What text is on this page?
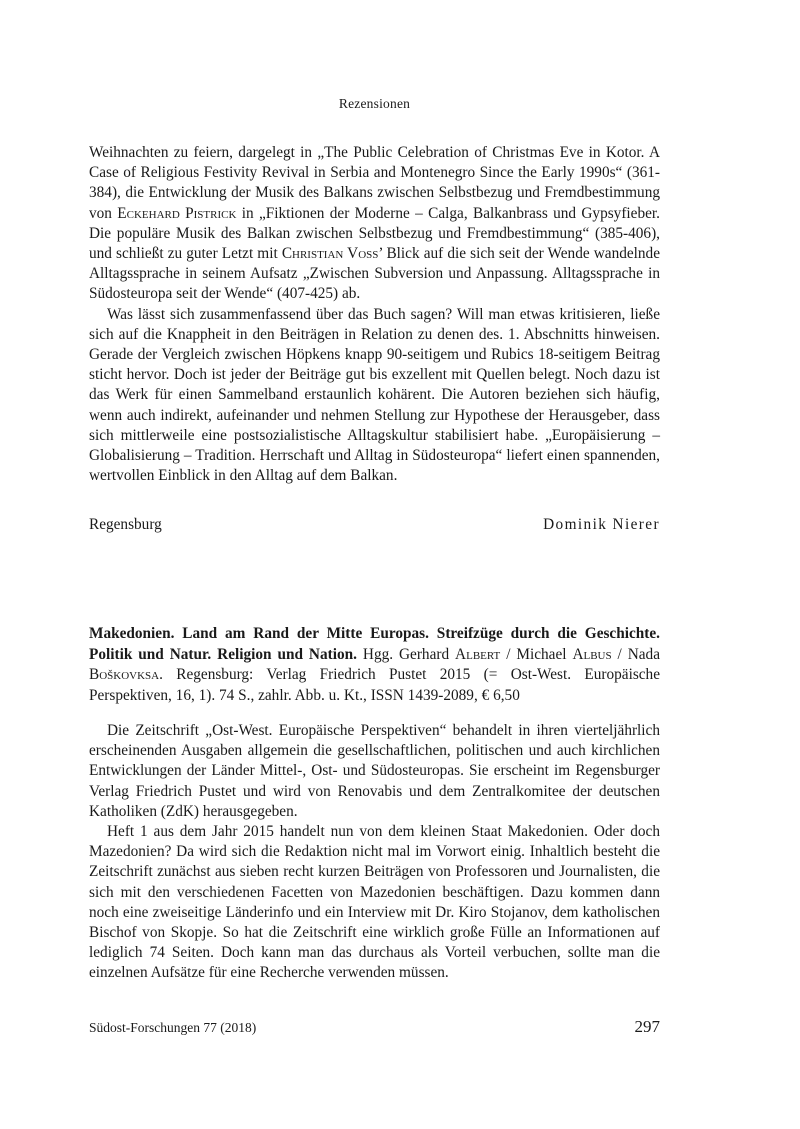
Rezensionen

Weihnachten zu feiern, dargelegt in „The Public Celebration of Christmas Eve in Kotor. A Case of Religious Festivity Revival in Serbia and Montenegro Since the Early 1990s“ (361-384), die Entwicklung der Musik des Balkans zwischen Selbstbezug und Fremdbestimmung von Eckehard Pistrick in „Fiktionen der Moderne – Calga, Balkanbrass und Gypsyfieber. Die populäre Musik des Balkan zwischen Selbstbezug und Fremdbestimmung“ (385-406), und schließt zu guter Letzt mit Christian Voss’ Blick auf die sich seit der Wende wandelnde Alltagssprache in seinem Aufsatz „Zwischen Subversion und Anpassung. Alltagssprache in Südosteuropa seit der Wende“ (407-425) ab.

Was lässt sich zusammenfassend über das Buch sagen? Will man etwas kritisieren, ließe sich auf die Knappheit in den Beiträgen in Relation zu denen des. 1. Abschnitts hinweisen. Gerade der Vergleich zwischen Höpkens knapp 90-seitigem und Rubics 18-seitigem Beitrag sticht hervor. Doch ist jeder der Beiträge gut bis exzellent mit Quellen belegt. Noch dazu ist das Werk für einen Sammelband erstaunlich kohärent. Die Autoren beziehen sich häufig, wenn auch indirekt, aufeinander und nehmen Stellung zur Hypothese der Herausgeber, dass sich mittlerweile eine postsozialistische Alltagskultur stabilisiert habe. „Europäisierung – Globalisierung – Tradition. Herrschaft und Alltag in Südosteuropa“ liefert einen spannenden, wertvollen Einblick in den Alltag auf dem Balkan.

Regensburg	Dominik Nierer

Makedonien. Land am Rand der Mitte Europas. Streifzüge durch die Geschichte. Politik und Natur. Religion und Nation. Hgg. Gerhard Albert / Michael Albus / Nada Boškovksa. Regensburg: Verlag Friedrich Pustet 2015 (= Ost-West. Europäische Perspektiven, 16, 1). 74 S., zahlr. Abb. u. Kt., ISSN 1439-2089, € 6,50

Die Zeitschrift „Ost-West. Europäische Perspektiven“ behandelt in ihren vierteljährlich erscheinenden Ausgaben allgemein die gesellschaftlichen, politischen und auch kirchlichen Entwicklungen der Länder Mittel-, Ost- und Südosteuropas. Sie erscheint im Regensburger Verlag Friedrich Pustet und wird von Renovabis und dem Zentralkomitee der deutschen Katholiken (ZdK) herausgegeben.

Heft 1 aus dem Jahr 2015 handelt nun von dem kleinen Staat Makedonien. Oder doch Mazedonien? Da wird sich die Redaktion nicht mal im Vorwort einig. Inhaltlich besteht die Zeitschrift zunächst aus sieben recht kurzen Beiträgen von Professoren und Journalisten, die sich mit den verschiedenen Facetten von Mazedonien beschäftigen. Dazu kommen dann noch eine zweiseitige Länderinfo und ein Interview mit Dr. Kiro Stojanov, dem katholischen Bischof von Skopje. So hat die Zeitschrift eine wirklich große Fülle an Informationen auf lediglich 74 Seiten. Doch kann man das durchaus als Vorteil verbuchen, sollte man die einzelnen Aufsätze für eine Recherche verwenden müssen.

Südost-Forschungen 77 (2018)	297
